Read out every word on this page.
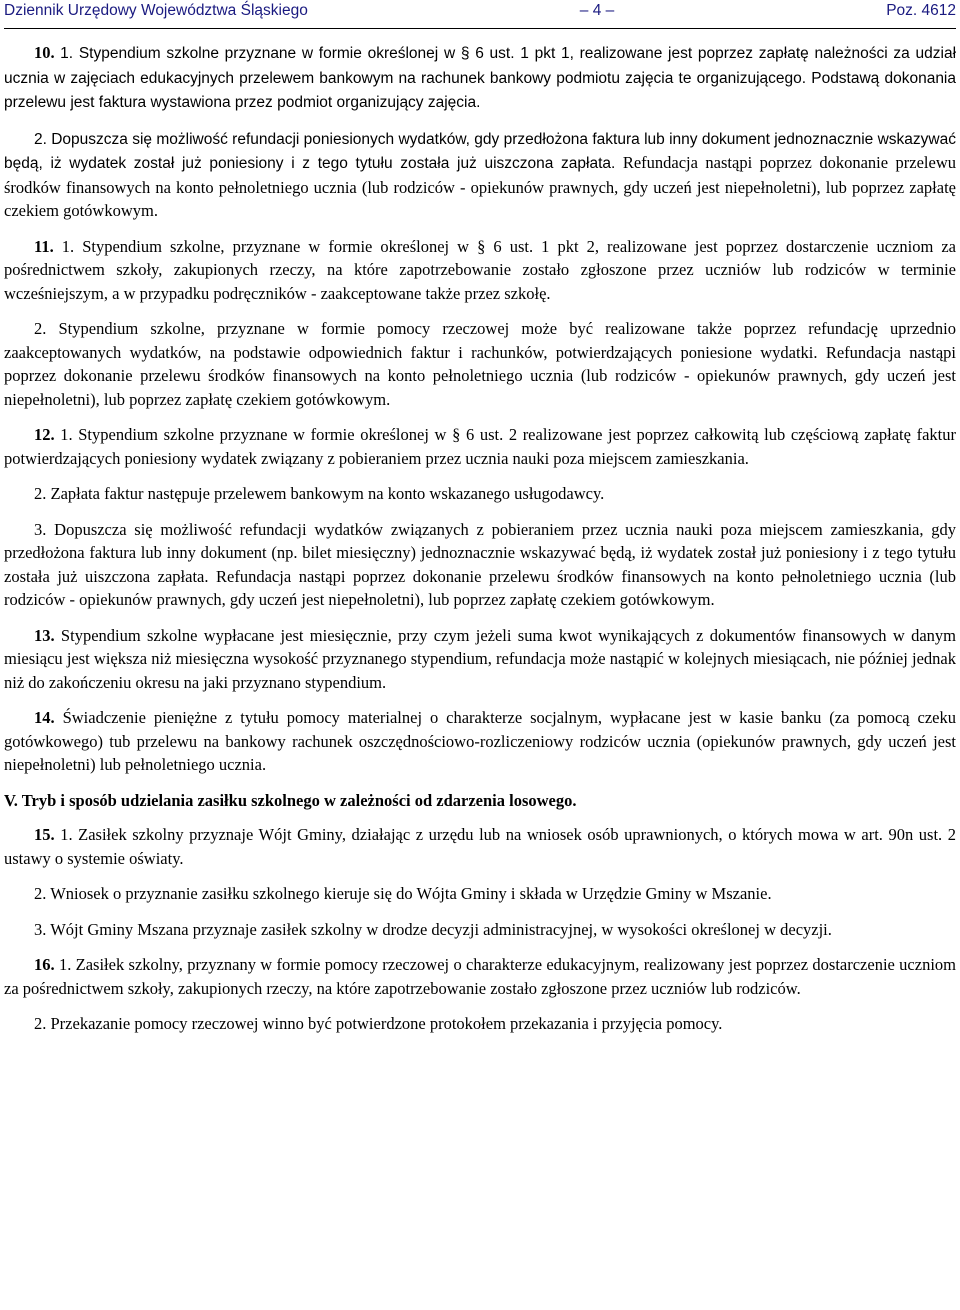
Dziennik Urzędowy Województwa Śląskiego	– 4 –	Poz. 4612

10. 1. Stypendium szkolne przyznane w formie określonej w § 6 ust. 1 pkt 1, realizowane jest poprzez zapłatę należności za udział ucznia w zajęciach edukacyjnych przelewem bankowym na rachunek bankowy podmiotu zajęcia te organizującego. Podstawą dokonania przelewu jest faktura wystawiona przez podmiot organizujący zajęcia.

2. Dopuszcza się możliwość refundacji poniesionych wydatków, gdy przedłożona faktura lub inny dokument jednoznacznie wskazywać będą, iż wydatek został już poniesiony i z tego tytułu została już uiszczona zapłata. Refundacja nastąpi poprzez dokonanie przelewu środków finansowych na konto pełnoletniego ucznia (lub rodziców - opiekunów prawnych, gdy uczeń jest niepełnoletni), lub poprzez zapłatę czekiem gotówkowym.

11. 1. Stypendium szkolne, przyznane w formie określonej w § 6 ust. 1 pkt 2, realizowane jest poprzez dostarczenie uczniom za pośrednictwem szkoły, zakupionych rzeczy, na które zapotrzebowanie zostało zgłoszone przez uczniów lub rodziców w terminie wcześniejszym, a w przypadku podręczników - zaakceptowane także przez szkołę.

2. Stypendium szkolne, przyznane w formie pomocy rzeczowej może być realizowane także poprzez refundację uprzednio zaakceptowanych wydatków, na podstawie odpowiednich faktur i rachunków, potwierdzających poniesione wydatki. Refundacja nastąpi poprzez dokonanie przelewu środków finansowych na konto pełnoletniego ucznia (lub rodziców - opiekunów prawnych, gdy uczeń jest niepełnoletni), lub poprzez zapłatę czekiem gotówkowym.

12. 1. Stypendium szkolne przyznane w formie określonej w § 6 ust. 2 realizowane jest poprzez całkowitą lub częściową zapłatę faktur potwierdzających poniesiony wydatek związany z pobieraniem przez ucznia nauki poza miejscem zamieszkania.

2. Zapłata faktur następuje przelewem bankowym na konto wskazanego usługodawcy.

3. Dopuszcza się możliwość refundacji wydatków związanych z pobieraniem przez ucznia nauki poza miejscem zamieszkania, gdy przedłożona faktura lub inny dokument (np. bilet miesięczny) jednoznacznie wskazywać będą, iż wydatek został już poniesiony i z tego tytułu została już uiszczona zapłata. Refundacja nastąpi poprzez dokonanie przelewu środków finansowych na konto pełnoletniego ucznia (lub rodziców - opiekunów prawnych, gdy uczeń jest niepełnoletni), lub poprzez zapłatę czekiem gotówkowym.

13. Stypendium szkolne wypłacane jest miesięcznie, przy czym jeżeli suma kwot wynikających z dokumentów finansowych w danym miesiącu jest większa niż miesięczna wysokość przyznanego stypendium, refundacja może nastąpić w kolejnych miesiącach, nie później jednak niż do zakończeniu okresu na jaki przyznano stypendium.

14. Świadczenie pieniężne z tytułu pomocy materialnej o charakterze socjalnym, wypłacane jest w kasie banku (za pomocą czeku gotówkowego) tub przelewu na bankowy rachunek oszczędnościowo-rozliczeniowy rodziców ucznia (opiekunów prawnych, gdy uczeń jest niepełnoletni) lub pełnoletniego ucznia.

V. Tryb i sposób udzielania zasiłku szkolnego w zależności od zdarzenia losowego.

15. 1. Zasiłek szkolny przyznaje Wójt Gminy, działając z urzędu lub na wniosek osób uprawnionych, o których mowa w art. 90n ust. 2 ustawy o systemie oświaty.

2. Wniosek o przyznanie zasiłku szkolnego kieruje się do Wójta Gminy i składa w Urzędzie Gminy w Mszanie.

3. Wójt Gminy Mszana przyznaje zasiłek szkolny w drodze decyzji administracyjnej, w wysokości określonej w decyzji.

16. 1. Zasiłek szkolny, przyznany w formie pomocy rzeczowej o charakterze edukacyjnym, realizowany jest poprzez dostarczenie uczniom za pośrednictwem szkoły, zakupionych rzeczy, na które zapotrzebowanie zostało zgłoszone przez uczniów lub rodziców.

2. Przekazanie pomocy rzeczowej winno być potwierdzone protokołem przekazania i przyjęcia pomocy.
